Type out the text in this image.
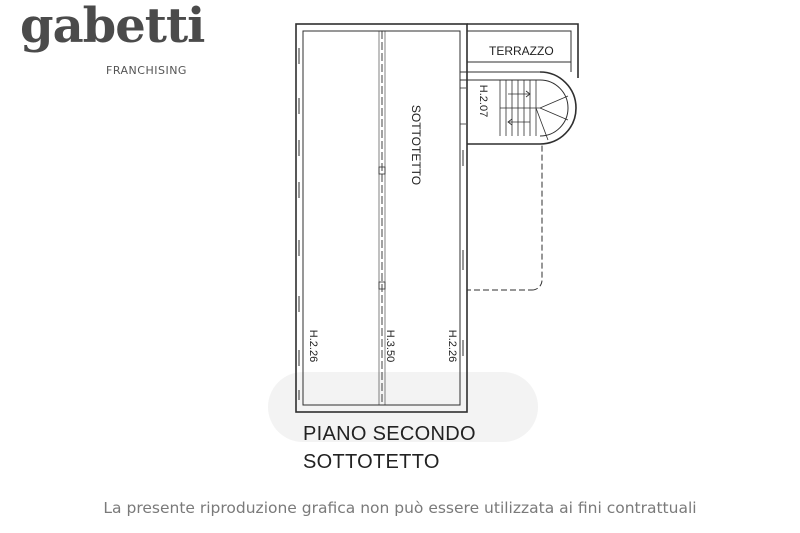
gabetti
FRANCHISING
TERRAZZO
SOTTOTETTO
H.2.07
H.2.26	H.3.50	H.2.26
PIANO SECONDO
SOTTOTETTO
La presente riproduzione grafica non può essere utilizzata ai fini contrattuali
